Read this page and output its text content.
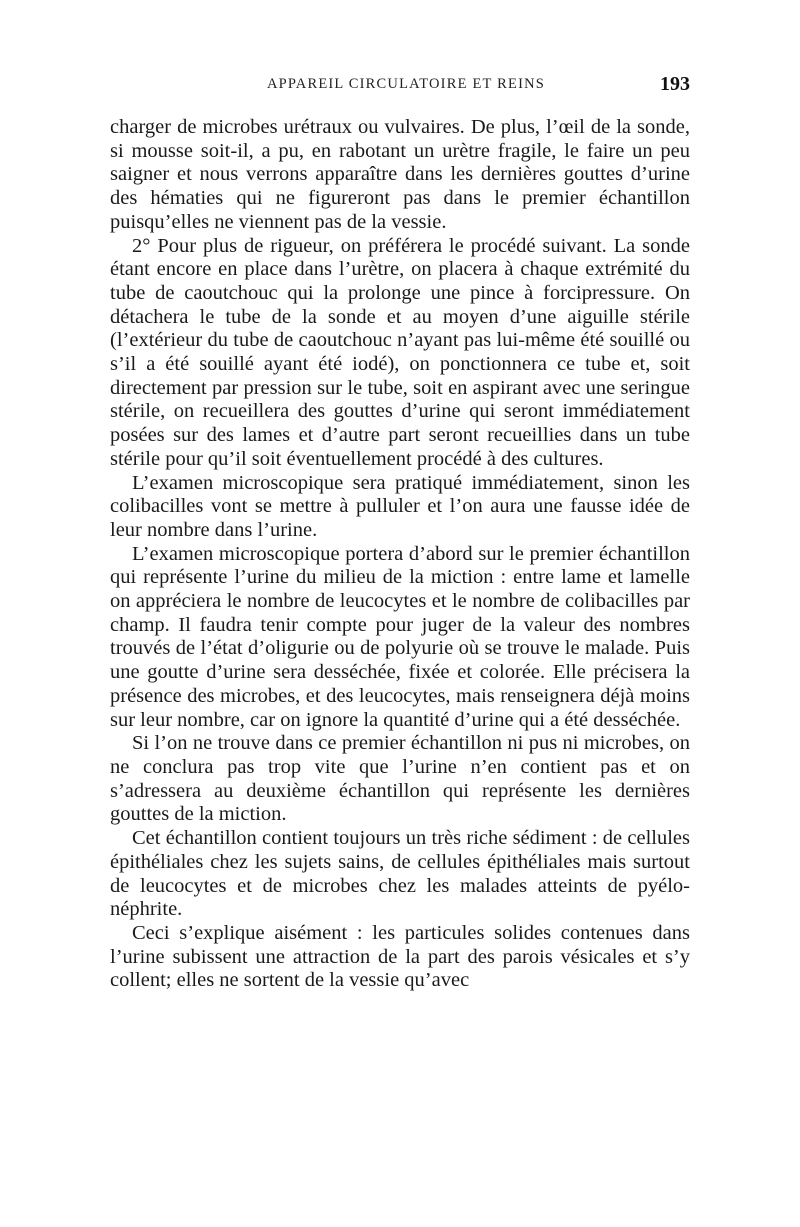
APPAREIL CIRCULATOIRE ET REINS	193

charger de microbes urétraux ou vulvaires. De plus, l’œil de la sonde, si mousse soit-il, a pu, en rabotant un urètre fragile, le faire un peu saigner et nous verrons apparaître dans les dernières gouttes d’urine des hématies qui ne figureront pas dans le premier échantillon puisqu’elles ne viennent pas de la vessie.

2° Pour plus de rigueur, on préférera le procédé suivant. La sonde étant encore en place dans l’urètre, on placera à chaque extrémité du tube de caoutchouc qui la prolonge une pince à forcipressure. On détachera le tube de la sonde et au moyen d’une aiguille stérile (l’extérieur du tube de caoutchouc n’ayant pas lui-même été souillé ou s’il a été souillé ayant été iodé), on ponctionnera ce tube et, soit directement par pression sur le tube, soit en aspirant avec une seringue stérile, on recueillera des gouttes d’urine qui seront immédiatement posées sur des lames et d’autre part seront recueillies dans un tube stérile pour qu’il soit éventuellement procédé à des cultures.

L’examen microscopique sera pratiqué immédiatement, sinon les colibacilles vont se mettre à pulluler et l’on aura une fausse idée de leur nombre dans l’urine.

L’examen microscopique portera d’abord sur le premier échantillon qui représente l’urine du milieu de la miction : entre lame et lamelle on appréciera le nombre de leucocytes et le nombre de colibacilles par champ. Il faudra tenir compte pour juger de la valeur des nombres trouvés de l’état d’oligurie ou de polyurie où se trouve le malade. Puis une goutte d’urine sera desséchée, fixée et colorée. Elle précisera la présence des microbes, et des leucocytes, mais renseignera déjà moins sur leur nombre, car on ignore la quantité d’urine qui a été desséchée.

Si l’on ne trouve dans ce premier échantillon ni pus ni microbes, on ne conclura pas trop vite que l’urine n’en contient pas et on s’adressera au deuxième échantillon qui représente les dernières gouttes de la miction.

Cet échantillon contient toujours un très riche sédiment : de cellules épithéliales chez les sujets sains, de cellules épithéliales mais surtout de leucocytes et de microbes chez les malades atteints de pyélo-néphrite.

Ceci s’explique aisément : les particules solides contenues dans l’urine subissent une attraction de la part des parois vésicales et s’y collent; elles ne sortent de la vessie qu’avec
